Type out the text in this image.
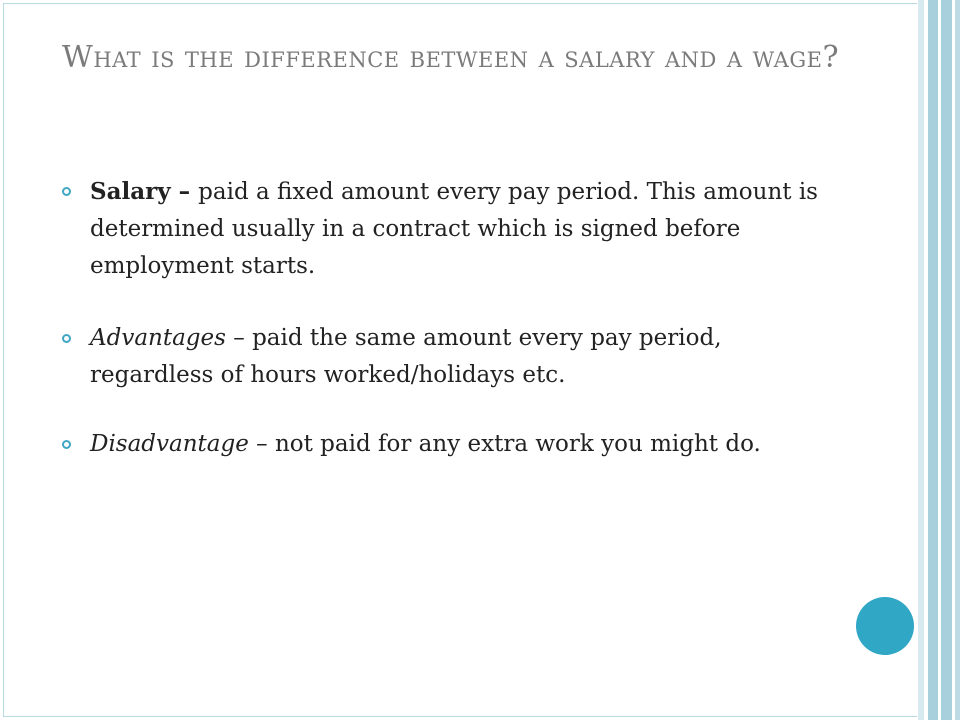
What is the difference between a salary and a wage?
Salary – paid a fixed amount every pay period. This amount is determined usually in a contract which is signed before employment starts.
Advantages – paid the same amount every pay period, regardless of hours worked/holidays etc.
Disadvantage – not paid for any extra work you might do.
